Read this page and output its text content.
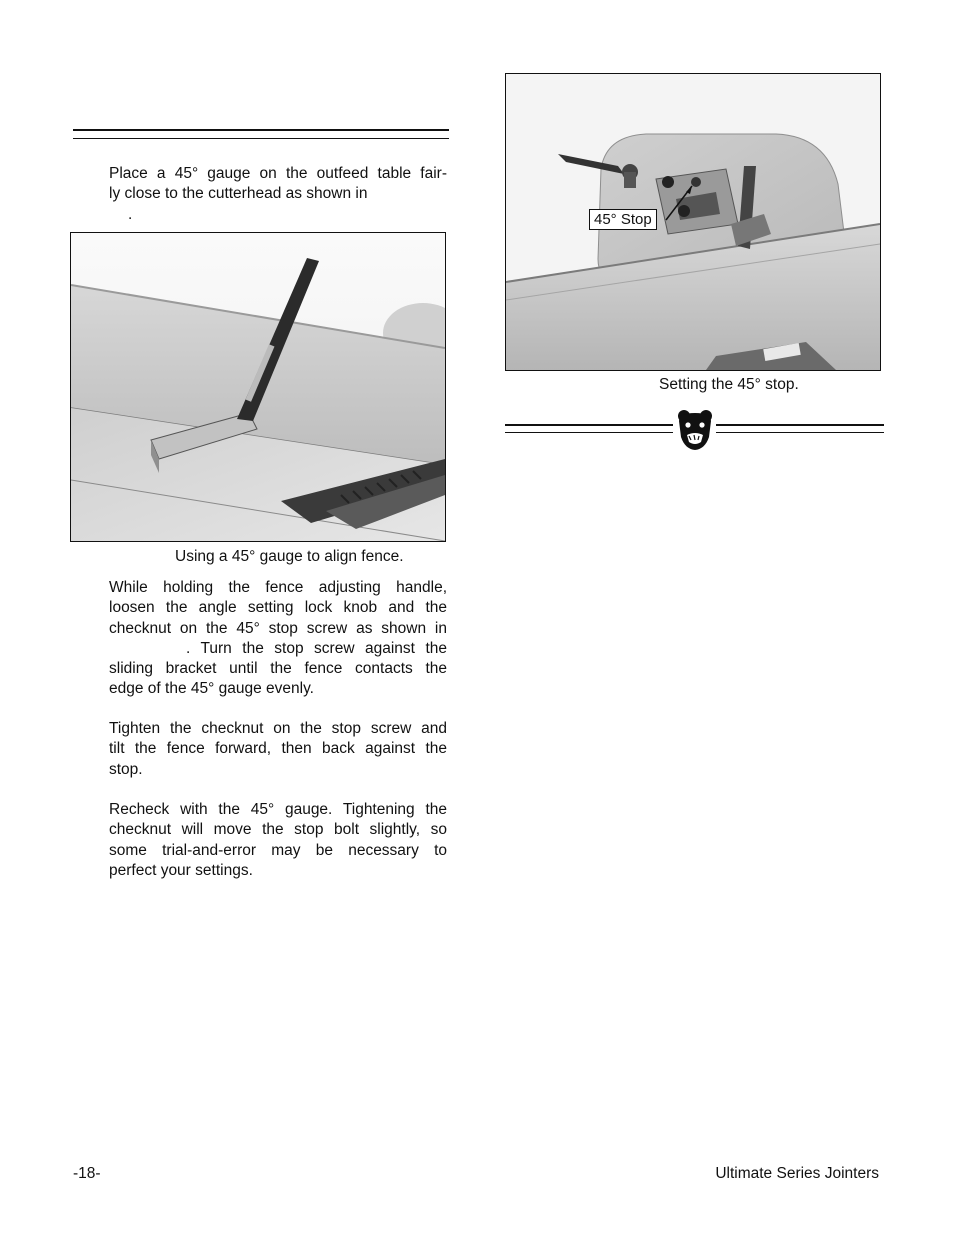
Place a 45° gauge on the outfeed table fair-
ly close to the cutterhead as shown in
.

Using a 45° gauge to align fence.

While holding the fence adjusting handle,
loosen the angle setting lock knob and the
checknut on the 45° stop screw as shown in
. Turn the stop screw against the
sliding bracket until the fence contacts the
edge of the 45° gauge evenly.

Tighten the checknut on the stop screw and
tilt the fence forward, then back against the
stop.

Recheck with the 45° gauge. Tightening the
checknut will move the stop bolt slightly, so
some trial-and-error may be necessary to
perfect your settings.

45° Stop
Setting the 45° stop.
-18-	Ultimate Series Jointers
